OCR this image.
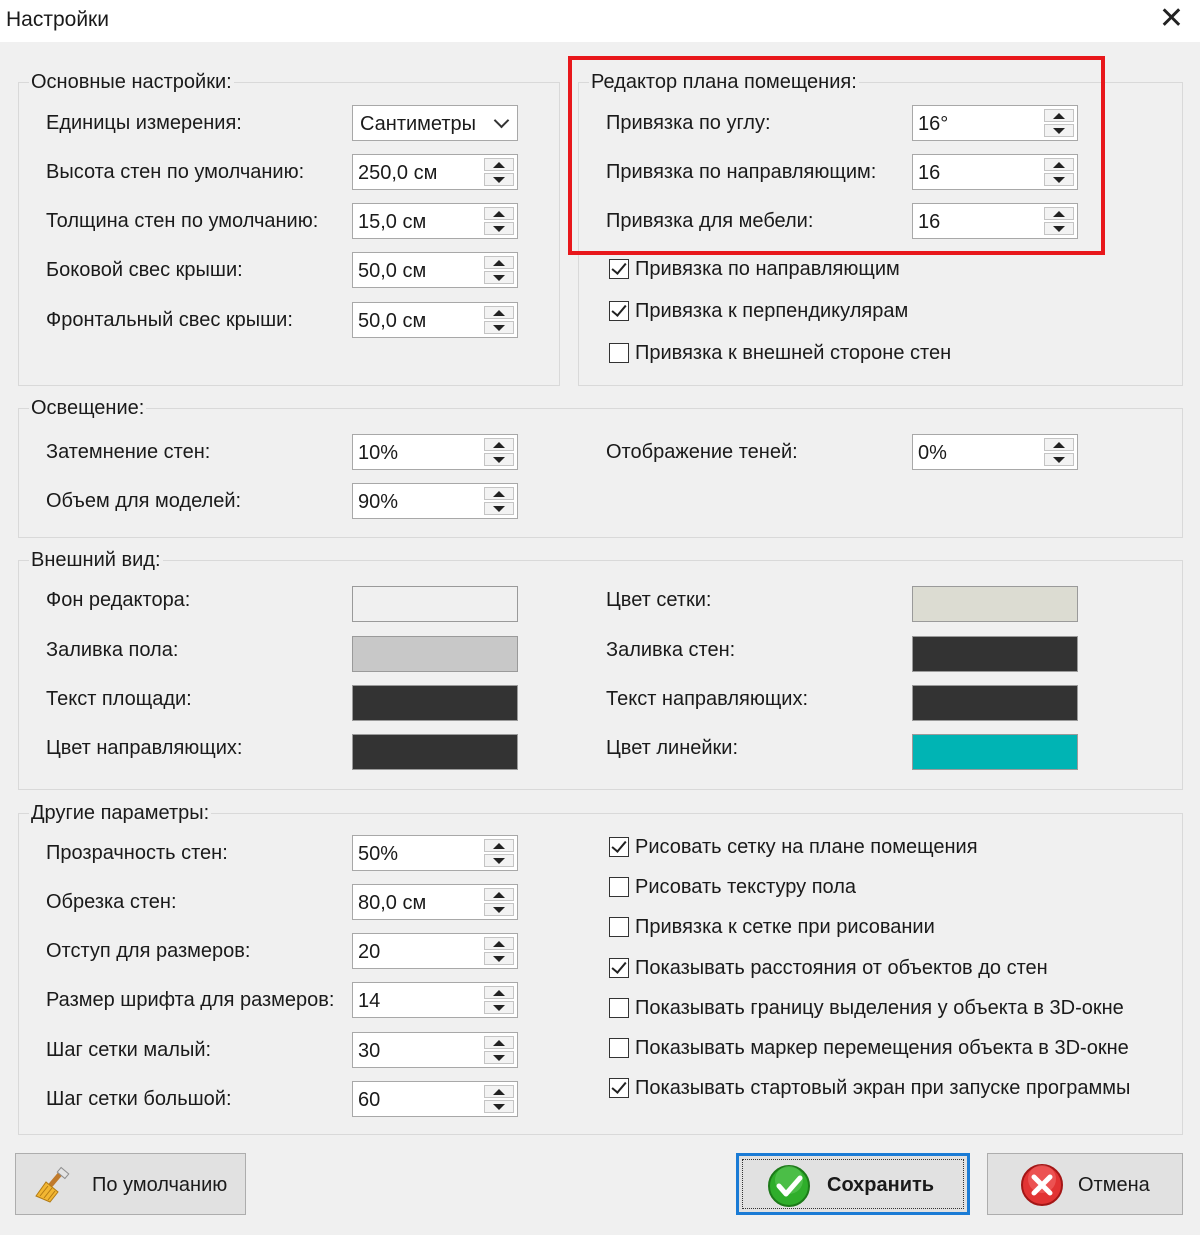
Настройки	✕
Основные настройки:
Единицы измерения:	Сантиметры
Высота стен по умолчанию:	250,0 см
Толщина стен по умолчанию: 15,0 см
Боковой свес крыши:	50,0 см
Фронтальный свес крыши:	50,0 см
Редактор плана помещения:
Привязка по углу:	16°
Привязка по направляющим: 16
Привязка для мебели:	16
Привязка по направляющим
Привязка к перпендикулярам
Привязка к внешней стороне стен
Освещение:
Затемнение стен:	10%
Объем для моделей:	90%
Отображение теней:	0%
Внешний вид:
Фон редактора:
Заливка пола:
Текст площади:
Цвет направляющих:
Цвет сетки:
Заливка стен:
Текст направляющих:
Цвет линейки:
Другие параметры:
Прозрачность стен:	50%
Обрезка стен:	80,0 см
Отступ для размеров:	20
Размер шрифта для размеров: 14
Шаг сетки малый:	30
Шаг сетки большой:	60
Рисовать сетку на плане помещения
Рисовать текстуру пола
Привязка к сетке при рисовании
Показывать расстояния от объектов до стен
Показывать границу выделения у объекта в 3D-окне
Показывать маркер перемещения объекта в 3D-окне
Показывать стартовый экран при запуске программы
По умолчанию	Сохранить	Отмена
